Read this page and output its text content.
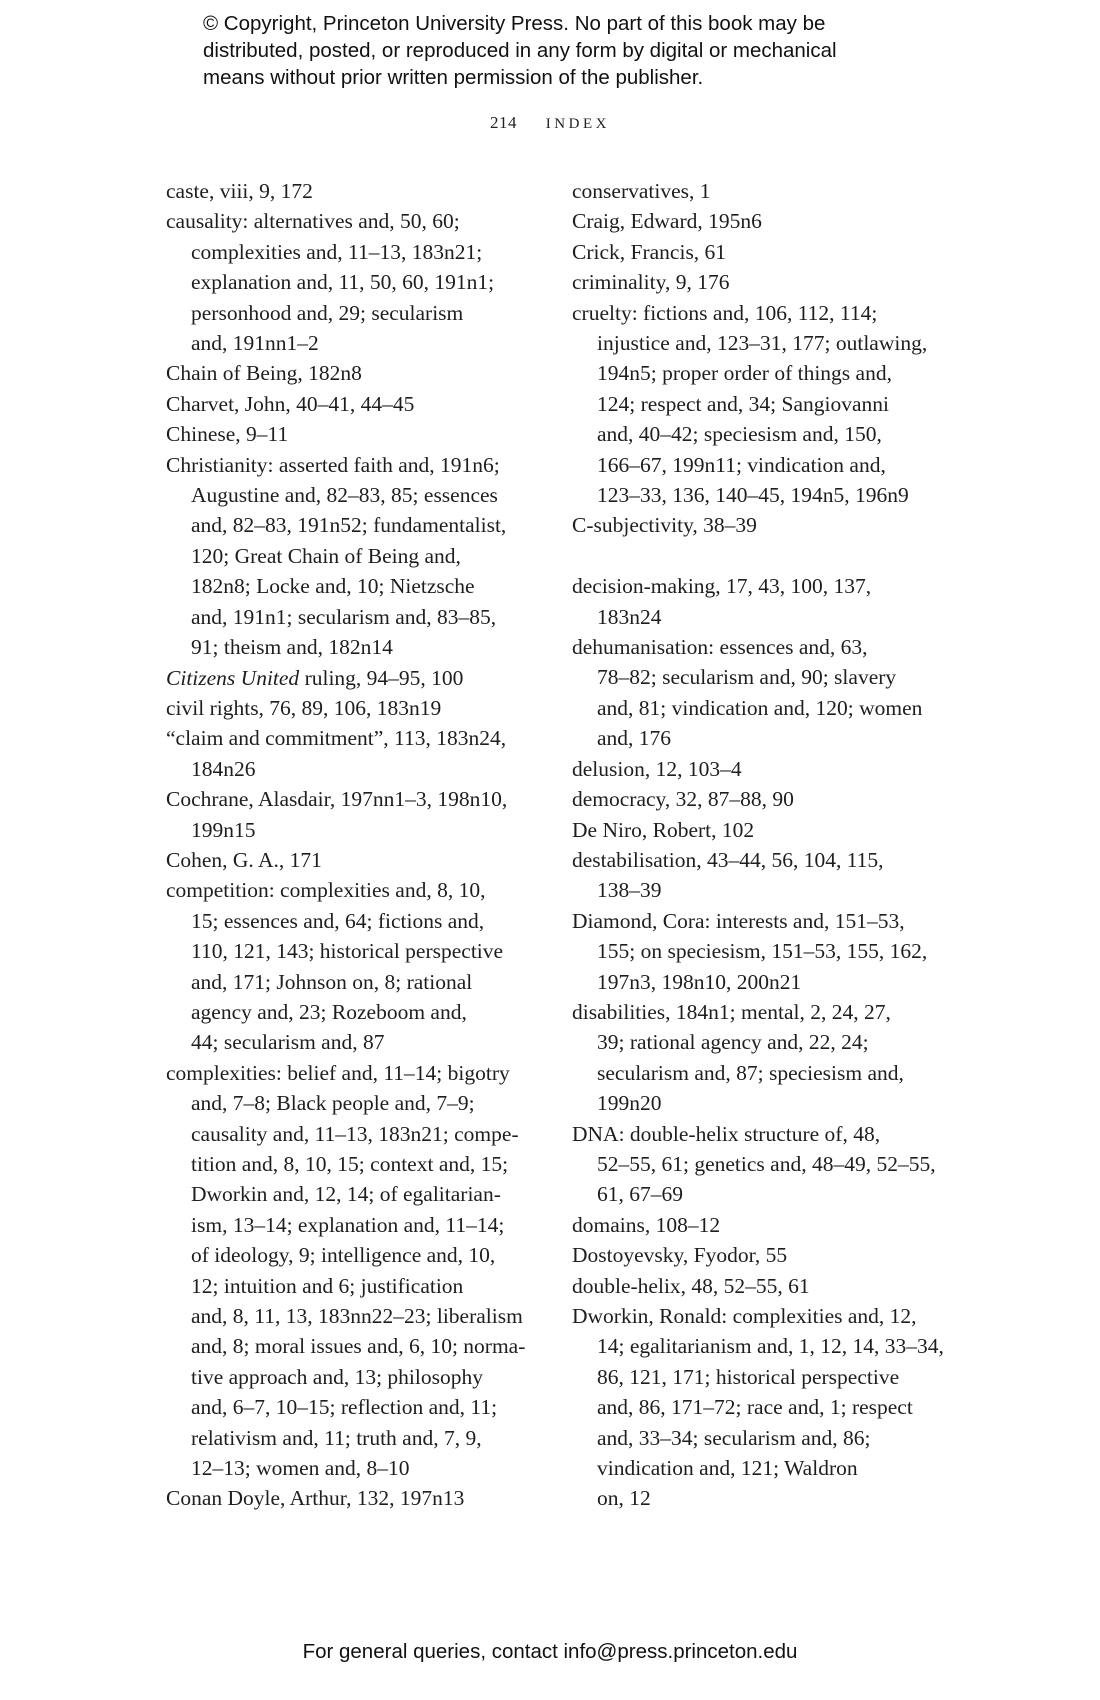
© Copyright, Princeton University Press. No part of this book may be
distributed, posted, or reproduced in any form by digital or mechanical
means without prior written permission of the publisher.
214 INDEX
caste, viii, 9, 172
causality: alternatives and, 50, 60;
complexities and, 11–13, 183n21;
explanation and, 11, 50, 60, 191n1;
personhood and, 29; secularism
and, 191nn1–2
Chain of Being, 182n8
Charvet, John, 40–41, 44–45
Chinese, 9–11
Christianity: asserted faith and, 191n6;
Augustine and, 82–83, 85; essences
and, 82–83, 191n52; fundamentalist,
120; Great Chain of Being and,
182n8; Locke and, 10; Nietzsche
and, 191n1; secularism and, 83–85,
91; theism and, 182n14
Citizens United ruling, 94–95, 100
civil rights, 76, 89, 106, 183n19
“claim and commitment”, 113, 183n24,
184n26
Cochrane, Alasdair, 197nn1–3, 198n10,
199n15
Cohen, G. A., 171
competition: complexities and, 8, 10,
15; essences and, 64; fictions and,
110, 121, 143; historical perspective
and, 171; Johnson on, 8; rational
agency and, 23; Rozeboom and,
44; secularism and, 87
complexities: belief and, 11–14; bigotry
and, 7–8; Black people and, 7–9;
causality and, 11–13, 183n21; compe-
tition and, 8, 10, 15; context and, 15;
Dworkin and, 12, 14; of egalitarian-
ism, 13–14; explanation and, 11–14;
of ideology, 9; intelligence and, 10,
12; intuition and 6; justification
and, 8, 11, 13, 183nn22–23; liberalism
and, 8; moral issues and, 6, 10; norma-
tive approach and, 13; philosophy
and, 6–7, 10–15; reflection and, 11;
relativism and, 11; truth and, 7, 9,
12–13; women and, 8–10
Conan Doyle, Arthur, 132, 197n13
conservatives, 1
Craig, Edward, 195n6
Crick, Francis, 61
criminality, 9, 176
cruelty: fictions and, 106, 112, 114;
injustice and, 123–31, 177; outlawing,
194n5; proper order of things and,
124; respect and, 34; Sangiovanni
and, 40–42; speciesism and, 150,
166–67, 199n11; vindication and,
123–33, 136, 140–45, 194n5, 196n9
C-subjectivity, 38–39
decision-making, 17, 43, 100, 137,
183n24
dehumanisation: essences and, 63,
78–82; secularism and, 90; slavery
and, 81; vindication and, 120; women
and, 176
delusion, 12, 103–4
democracy, 32, 87–88, 90
De Niro, Robert, 102
destabilisation, 43–44, 56, 104, 115,
138–39
Diamond, Cora: interests and, 151–53,
155; on speciesism, 151–53, 155, 162,
197n3, 198n10, 200n21
disabilities, 184n1; mental, 2, 24, 27,
39; rational agency and, 22, 24;
secularism and, 87; speciesism and,
199n20
DNA: double-helix structure of, 48,
52–55, 61; genetics and, 48–49, 52–55,
61, 67–69
domains, 108–12
Dostoyevsky, Fyodor, 55
double-helix, 48, 52–55, 61
Dworkin, Ronald: complexities and, 12,
14; egalitarianism and, 1, 12, 14, 33–34,
86, 121, 171; historical perspective
and, 86, 171–72; race and, 1; respect
and, 33–34; secularism and, 86;
vindication and, 121; Waldron
on, 12
For general queries, contact info@press.princeton.edu
